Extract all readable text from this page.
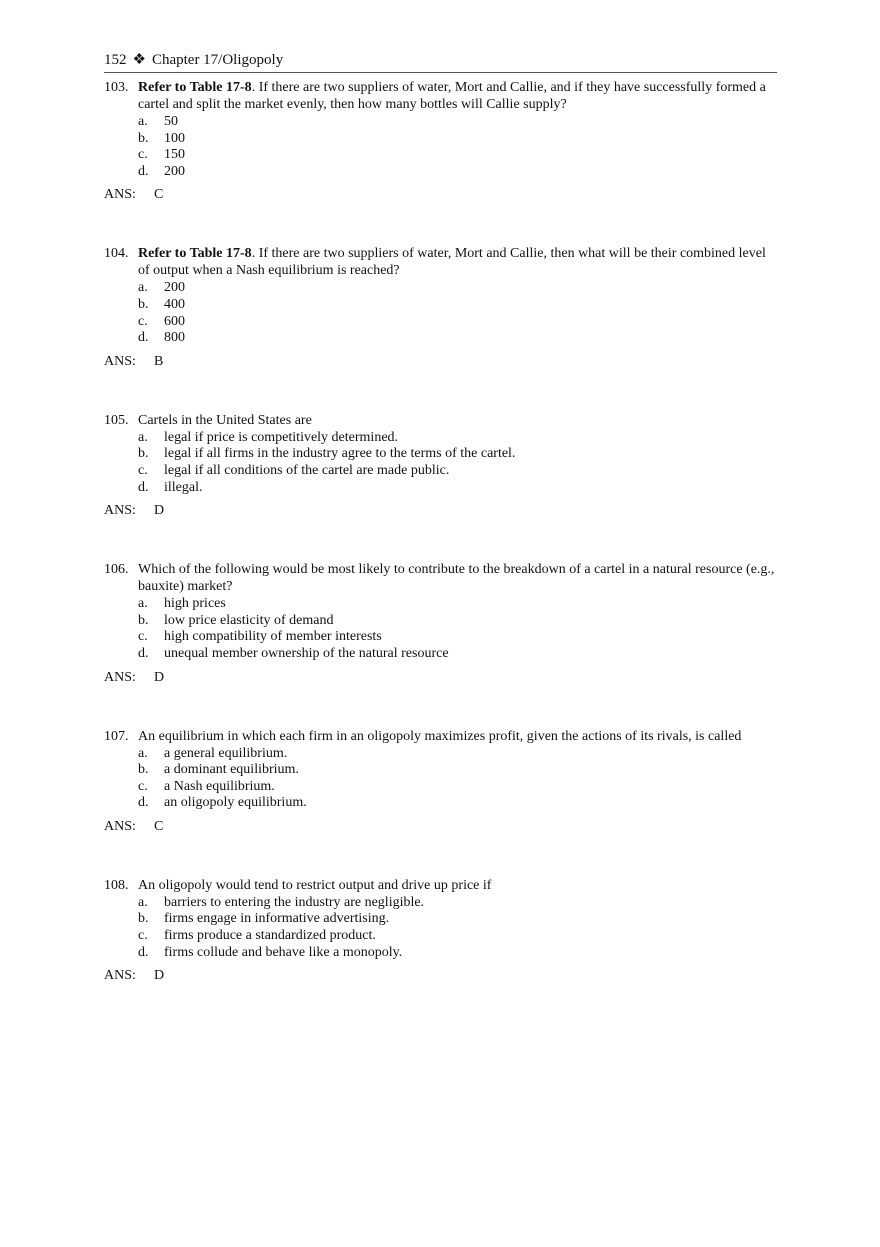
152 ❖ Chapter 17/Oligopoly
103. Refer to Table 17-8. If there are two suppliers of water, Mort and Callie, and if they have successfully formed a cartel and split the market evenly, then how many bottles will Callie supply?
a.	50
b.	100
c.	150
d.	200
ANS: C
104. Refer to Table 17-8. If there are two suppliers of water, Mort and Callie, then what will be their combined level of output when a Nash equilibrium is reached?
a.	200
b.	400
c.	600
d.	800
ANS: B
105. Cartels in the United States are
a.	legal if price is competitively determined.
b.	legal if all firms in the industry agree to the terms of the cartel.
c.	legal if all conditions of the cartel are made public.
d.	illegal.
ANS: D
106. Which of the following would be most likely to contribute to the breakdown of a cartel in a natural resource (e.g., bauxite) market?
a.	high prices
b.	low price elasticity of demand
c.	high compatibility of member interests
d.	unequal member ownership of the natural resource
ANS: D
107. An equilibrium in which each firm in an oligopoly maximizes profit, given the actions of its rivals, is called
a.	a general equilibrium.
b.	a dominant equilibrium.
c.	a Nash equilibrium.
d.	an oligopoly equilibrium.
ANS: C
108. An oligopoly would tend to restrict output and drive up price if
a.	barriers to entering the industry are negligible.
b.	firms engage in informative advertising.
c.	firms produce a standardized product.
d.	firms collude and behave like a monopoly.
ANS: D
